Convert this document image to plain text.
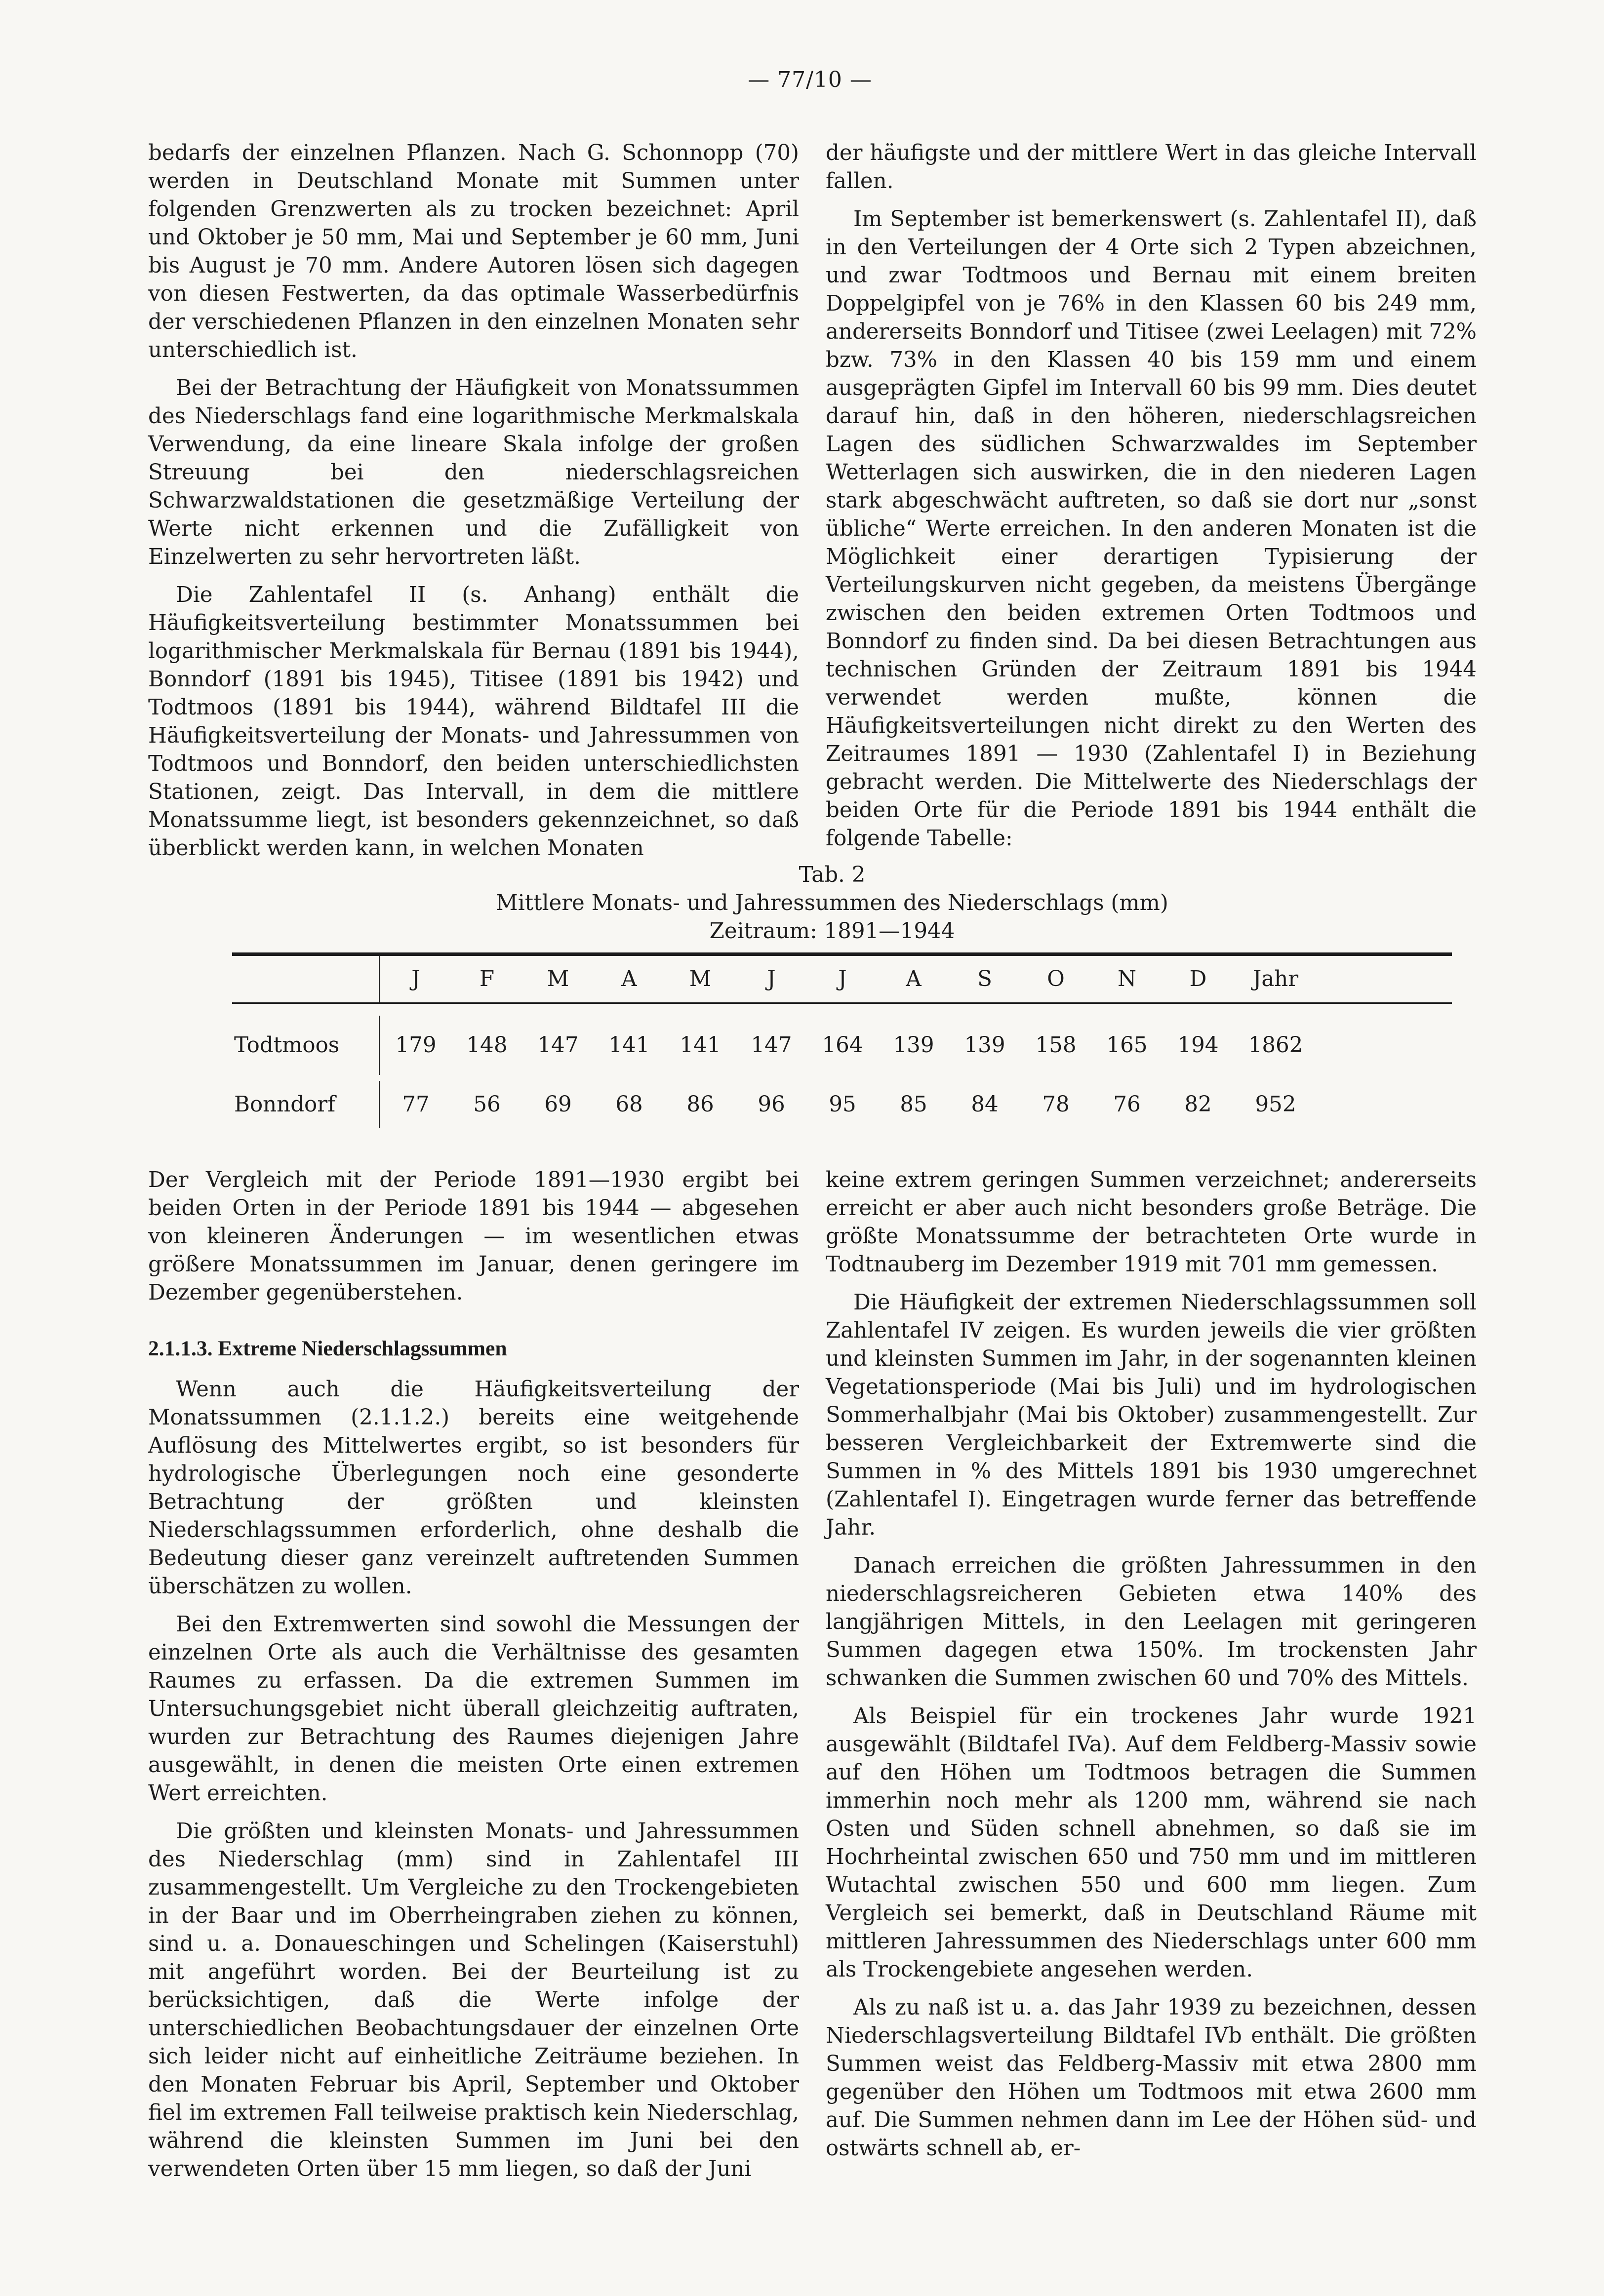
— 77/10 —

bedarfs der einzelnen Pflanzen. Nach G. Schonnopp (70) werden in Deutschland Monate mit Summen unter folgenden Grenzwerten als zu trocken bezeichnet: April und Oktober je 50 mm, Mai und September je 60 mm, Juni bis August je 70 mm. Andere Autoren lösen sich dagegen von diesen Festwerten, da das optimale Wasserbedürfnis der verschiedenen Pflanzen in den einzelnen Monaten sehr unterschiedlich ist.

Bei der Betrachtung der Häufigkeit von Monatssummen des Niederschlags fand eine logarithmische Merkmalskala Verwendung, da eine lineare Skala infolge der großen Streuung bei den niederschlagsreichen Schwarzwaldstationen die gesetzmäßige Verteilung der Werte nicht erkennen und die Zufälligkeit von Einzelwerten zu sehr hervortreten läßt.

Die Zahlentafel II (s. Anhang) enthält die Häufigkeitsverteilung bestimmter Monatssummen bei logarithmischer Merkmalskala für Bernau (1891 bis 1944), Bonndorf (1891 bis 1945), Titisee (1891 bis 1942) und Todtmoos (1891 bis 1944), während Bildtafel III die Häufigkeitsverteilung der Monats- und Jahressummen von Todtmoos und Bonndorf, den beiden unterschiedlichsten Stationen, zeigt. Das Intervall, in dem die mittlere Monatssumme liegt, ist besonders gekennzeichnet, so daß überblickt werden kann, in welchen Monaten

der häufigste und der mittlere Wert in das gleiche Intervall fallen.

Im September ist bemerkenswert (s. Zahlentafel II), daß in den Verteilungen der 4 Orte sich 2 Typen abzeichnen, und zwar Todtmoos und Bernau mit einem breiten Doppelgipfel von je 76% in den Klassen 60 bis 249 mm, andererseits Bonndorf und Titisee (zwei Leelagen) mit 72% bzw. 73% in den Klassen 40 bis 159 mm und einem ausgeprägten Gipfel im Intervall 60 bis 99 mm. Dies deutet darauf hin, daß in den höheren, niederschlagsreichen Lagen des südlichen Schwarzwaldes im September Wetterlagen sich auswirken, die in den niederen Lagen stark abgeschwächt auftreten, so daß sie dort nur „sonst übliche“ Werte erreichen. In den anderen Monaten ist die Möglichkeit einer derartigen Typisierung der Verteilungskurven nicht gegeben, da meistens Übergänge zwischen den beiden extremen Orten Todtmoos und Bonndorf zu finden sind. Da bei diesen Betrachtungen aus technischen Gründen der Zeitraum 1891 bis 1944 verwendet werden mußte, können die Häufigkeitsverteilungen nicht direkt zu den Werten des Zeitraumes 1891 — 1930 (Zahlentafel I) in Beziehung gebracht werden. Die Mittelwerte des Niederschlags der beiden Orte für die Periode 1891 bis 1944 enthält die folgende Tabelle:

Tab. 2
Mittlere Monats- und Jahressummen des Niederschlags (mm)
Zeitraum: 1891—1944
J	F	M	A	M	J	J	A	S	O	N	D	Jahr
Todtmoos	179	148	147	141	141	147	164	139	139	158	165	194	1862
Bonndorf	77	56	69	68	86	96	95	85	84	78	76	82	952

Der Vergleich mit der Periode 1891—1930 ergibt bei beiden Orten in der Periode 1891 bis 1944 — abgesehen von kleineren Änderungen — im wesentlichen etwas größere Monatssummen im Januar, denen geringere im Dezember gegenüberstehen.

2.1.1.3. Extreme Niederschlagssummen

Wenn auch die Häufigkeitsverteilung der Monatssummen (2.1.1.2.) bereits eine weitgehende Auflösung des Mittelwertes ergibt, so ist besonders für hydrologische Überlegungen noch eine gesonderte Betrachtung der größten und kleinsten Niederschlagssummen erforderlich, ohne deshalb die Bedeutung dieser ganz vereinzelt auftretenden Summen überschätzen zu wollen.

Bei den Extremwerten sind sowohl die Messungen der einzelnen Orte als auch die Verhältnisse des gesamten Raumes zu erfassen. Da die extremen Summen im Untersuchungsgebiet nicht überall gleichzeitig auftraten, wurden zur Betrachtung des Raumes diejenigen Jahre ausgewählt, in denen die meisten Orte einen extremen Wert erreichten.

Die größten und kleinsten Monats- und Jahressummen des Niederschlag (mm) sind in Zahlentafel III zusammengestellt. Um Vergleiche zu den Trockengebieten in der Baar und im Oberrheingraben ziehen zu können, sind u. a. Donaueschingen und Schelingen (Kaiserstuhl) mit angeführt worden. Bei der Beurteilung ist zu berücksichtigen, daß die Werte infolge der unterschiedlichen Beobachtungsdauer der einzelnen Orte sich leider nicht auf einheitliche Zeiträume beziehen. In den Monaten Februar bis April, September und Oktober fiel im extremen Fall teilweise praktisch kein Niederschlag, während die kleinsten Summen im Juni bei den verwendeten Orten über 15 mm liegen, so daß der Juni

keine extrem geringen Summen verzeichnet; andererseits erreicht er aber auch nicht besonders große Beträge. Die größte Monatssumme der betrachteten Orte wurde in Todtnauberg im Dezember 1919 mit 701 mm gemessen.

Die Häufigkeit der extremen Niederschlagssummen soll Zahlentafel IV zeigen. Es wurden jeweils die vier größten und kleinsten Summen im Jahr, in der sogenannten kleinen Vegetationsperiode (Mai bis Juli) und im hydrologischen Sommerhalbjahr (Mai bis Oktober) zusammengestellt. Zur besseren Vergleichbarkeit der Extremwerte sind die Summen in % des Mittels 1891 bis 1930 umgerechnet (Zahlentafel I). Eingetragen wurde ferner das betreffende Jahr.

Danach erreichen die größten Jahressummen in den niederschlagsreicheren Gebieten etwa 140% des langjährigen Mittels, in den Leelagen mit geringeren Summen dagegen etwa 150%. Im trockensten Jahr schwanken die Summen zwischen 60 und 70% des Mittels.

Als Beispiel für ein trockenes Jahr wurde 1921 ausgewählt (Bildtafel IVa). Auf dem Feldberg-Massiv sowie auf den Höhen um Todtmoos betragen die Summen immerhin noch mehr als 1200 mm, während sie nach Osten und Süden schnell abnehmen, so daß sie im Hochrheintal zwischen 650 und 750 mm und im mittleren Wutachtal zwischen 550 und 600 mm liegen. Zum Vergleich sei bemerkt, daß in Deutschland Räume mit mittleren Jahressummen des Niederschlags unter 600 mm als Trockengebiete angesehen werden.

Als zu naß ist u. a. das Jahr 1939 zu bezeichnen, dessen Niederschlagsverteilung Bildtafel IVb enthält. Die größten Summen weist das Feldberg-Massiv mit etwa 2800 mm gegenüber den Höhen um Todtmoos mit etwa 2600 mm auf. Die Summen nehmen dann im Lee der Höhen süd- und ostwärts schnell ab, er-
